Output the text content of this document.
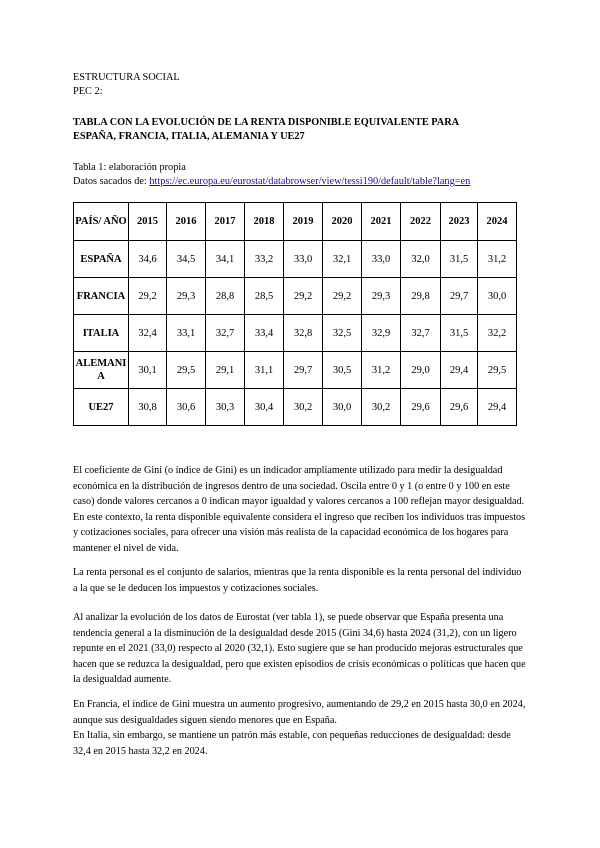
ESTRUCTURA SOCIAL
PEC 2:
TABLA CON LA EVOLUCIÓN DE LA RENTA DISPONIBLE EQUIVALENTE PARA
ESPAÑA, FRANCIA, ITALIA, ALEMANIA Y UE27
Tabla 1: elaboración propia
Datos sacados de: https://ec.europa.eu/eurostat/databrowser/view/tessi190/default/table?lang=en
PAÍS/ AÑO	2015	2016	2017	2018	2019	2020	2021	2022	2023	2024
ESPAÑA	34,6	34,5	34,1	33,2	33,0	32,1	33,0	32,0	31,5	31,2
FRANCIA	29,2	29,3	28,8	28,5	29,2	29,2	29,3	29,8	29,7	30,0
ITALIA	32,4	33,1	32,7	33,4	32,8	32,5	32,9	32,7	31,5	32,2
ALEMANIA	30,1	29,5	29,1	31,1	29,7	30,5	31,2	29,0	29,4	29,5
UE27	30,8	30,6	30,3	30,4	30,2	30,0	30,2	29,6	29,6	29,4

El coeficiente de Gini (o índice de Gini) es un indicador ampliamente utilizado para medir la desigualdad económica en la distribución de ingresos dentro de una sociedad. Oscila entre 0 y 1 (o entre 0 y 100 en este caso) donde valores cercanos a 0 indican mayor igualdad y valores cercanos a 100 reflejan mayor desigualdad. En este contexto, la renta disponible equivalente considera el ingreso que reciben los individuos tras impuestos y cotizaciones sociales, para ofrecer una visión más realista de la capacidad económica de los hogares para mantener el nivel de vida.

La renta personal es el conjunto de salarios, mientras que la renta disponible es la renta personal del individuo a la que se le deducen los impuestos y cotizaciones sociales.

Al analizar la evolución de los datos de Eurostat (ver tabla 1), se puede observar que España presenta una tendencia general a la disminución de la desigualdad desde 2015 (Gini 34,6) hasta 2024 (31,2), con un ligero repunte en el 2021 (33,0) respecto al 2020 (32,1). Esto sugiere que se han producido mejoras estructurales que hacen que se reduzca la desigualdad, pero que existen episodios de crisis económicas o políticas que hacen que la desigualdad aumente.

En Francia, el índice de Gini muestra un aumento progresivo, aumentando de 29,2 en 2015 hasta 30,0 en 2024, aunque sus desigualdades siguen siendo menores que en España.

En Italia, sin embargo, se mantiene un patrón más estable, con pequeñas reducciones de desigualdad: desde 32,4 en 2015 hasta 32,2 en 2024.
